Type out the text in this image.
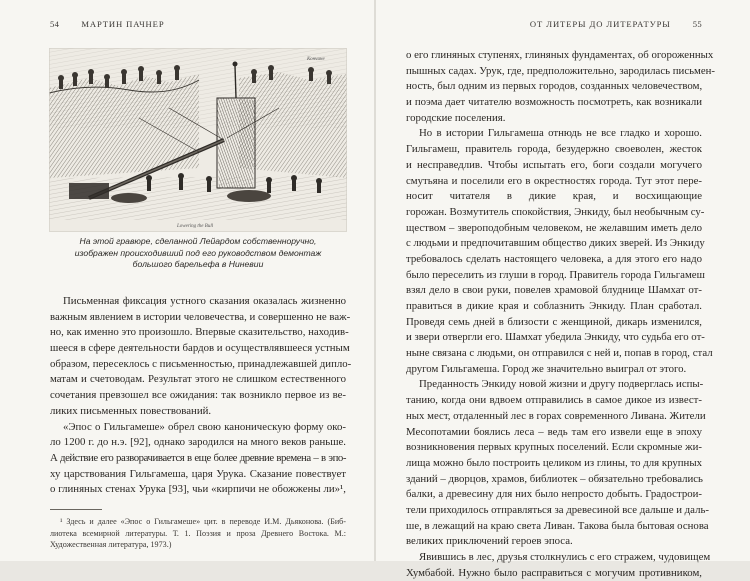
54	МАРТИН ПАЧНЕР
Кончине
Lowering the Bull
На этой гравюре, сделанной Лейардом собственноручно,
изображен происходивший под его руководством демонтаж
большого барельефа в Ниневии
Письменная фиксация устного сказания оказалась жизненно
важным явлением в истории человечества, и совершенно не важ-
но, как именно это произошло. Впервые сказительство, находив-
шееся в сфере деятельности бардов и осуществлявшееся устным
образом, пересеклось с письменностью, принадлежавшей дипло-
матам и счетоводам. Результат этого не слишком естественного
сочетания превзошел все ожидания: так возникло первое из ве-
ликих письменных повествований.
«Эпос о Гильгамеше» обрел свою каноническую форму око-
ло 1200 г. до н.э. [92], однако зародился на много веков раньше.
А действие его разворачивается в еще более древние времена – в эпо-
ху царствования Гильгамеша, царя Урука. Сказание повествует
о глиняных стенах Урука [93], чьи «кирпичи не обожжены ли»¹,
¹ Здесь и далее «Эпос о Гильгамеше» цит. в переводе И.М. Дьяконова. (Биб-
лиотека всемирной литературы. Т. 1. Поэзия и проза Древнего Востока. М.:
Художественная литература, 1973.)
ОТ ЛИТЕРЫ ДО ЛИТЕРАТУРЫ	55
о его глиняных ступенях, глиняных фундаментах, об огороженных
пышных садах. Урук, где, предположительно, зародилась письмен-
ность, был одним из первых городов, созданных человечеством,
и поэма дает читателю возможность посмотреть, как возникали
городские поселения.
Но в истории Гильгамеша отнюдь не все гладко и хорошо.
Гильгамеш, правитель города, безудержно своеволен, жесток
и несправедлив. Чтобы испытать его, боги создали могучего
смутьяна и поселили его в окрестностях города. Тут этот пере-
носит читателя в дикие края, и восхищающие
горожан. Возмутитель спокойствия, Энкиду, был необычным су-
ществом – звероподобным человеком, не желавшим иметь дело
с людьми и предпочитавшим общество диких зверей. Из Энкиду
требовалось сделать настоящего человека, а для этого его надо
было переселить из глуши в город. Правитель города Гильгамеш
взял дело в свои руки, повелев храмовой блуднице Шамхат от-
правиться в дикие края и соблазнить Энкиду. План сработал.
Проведя семь дней в близости с женщиной, дикарь изменился,
и звери отвергли его. Шамхат убедила Энкиду, что судьба его от-
ныне связана с людьми, он отправился с ней и, попав в город, стал
другом Гильгамеша. Город же значительно выиграл от этого.
Преданность Энкиду новой жизни и другу подверглась испы-
танию, когда они вдвоем отправились в самое дикое из извест-
ных мест, отдаленный лес в горах современного Ливана. Жители
Месопотамии боялись леса – ведь там его извели еще в эпоху
возникновения первых крупных поселений. Если скромные жи-
лища можно было построить целиком из глины, то для крупных
зданий – дворцов, храмов, библиотек – обязательно требовались
балки, а древесину для них было непросто добыть. Градострои-
тели приходилось отправляться за древесиной все дальше и даль-
ше, в лежащий на краю света Ливан. Такова была бытовая основа
великих приключений героев эпоса.
Явившись в лес, друзья столкнулись с его стражем, чудовищем
Хумбабой. Нужно было расправиться с могучим противником,
